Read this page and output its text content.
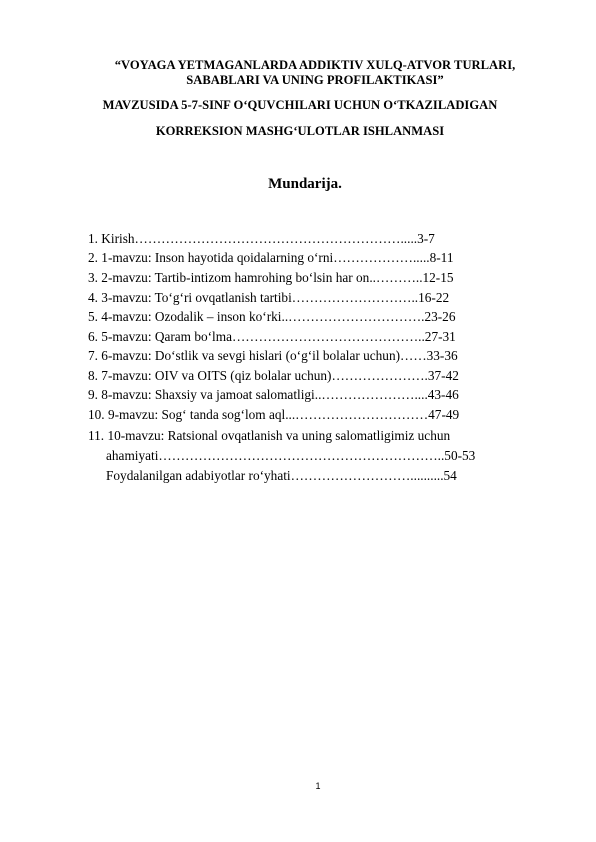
“VOYAGA YETMAGANLARDA ADDIKTIV XULQ-ATVOR TURLARI, SABABLARI VA UNING PROFILAKTIKASI”

MAVZUSIDA 5-7-SINF O‘QUVCHILARI UCHUN O‘TKAZILADIGAN

KORREKSION MASHG‘ULOTLAR ISHLANMASI

Mundarija.

1. Kirish…………………………………………………….....3-7
2. 1-mavzu: Inson hayotida qoidalarning o‘rni……………….....8-11
3. 2-mavzu: Tartib-intizom hamrohing bo‘lsin har on..………..12-15
4. 3-mavzu: To‘g‘ri ovqatlanish tartibi………………………..16-22
5. 4-mavzu: Ozodalik – inson ko‘rki..………………………….23-26
6. 5-mavzu: Qaram bo‘lma……………………………………..27-31
7. 6-mavzu: Do‘stlik va sevgi hislari (o‘g‘il bolalar uchun)……33-36
8. 7-mavzu: OIV va OITS (qiz bolalar uchun)………………….37-42
9. 8-mavzu: Shaxsiy va jamoat salomatligi..…………………....43-46
10. 9-mavzu: Sog‘ tanda sog‘lom aql...…………………………47-49
11. 10-mavzu: Ratsional ovqatlanish va uning salomatligimiz uchun
ahamiyati………………………………………………………..50-53
Foydalanilgan adabiyotlar ro‘yhati………………………..........54
1
